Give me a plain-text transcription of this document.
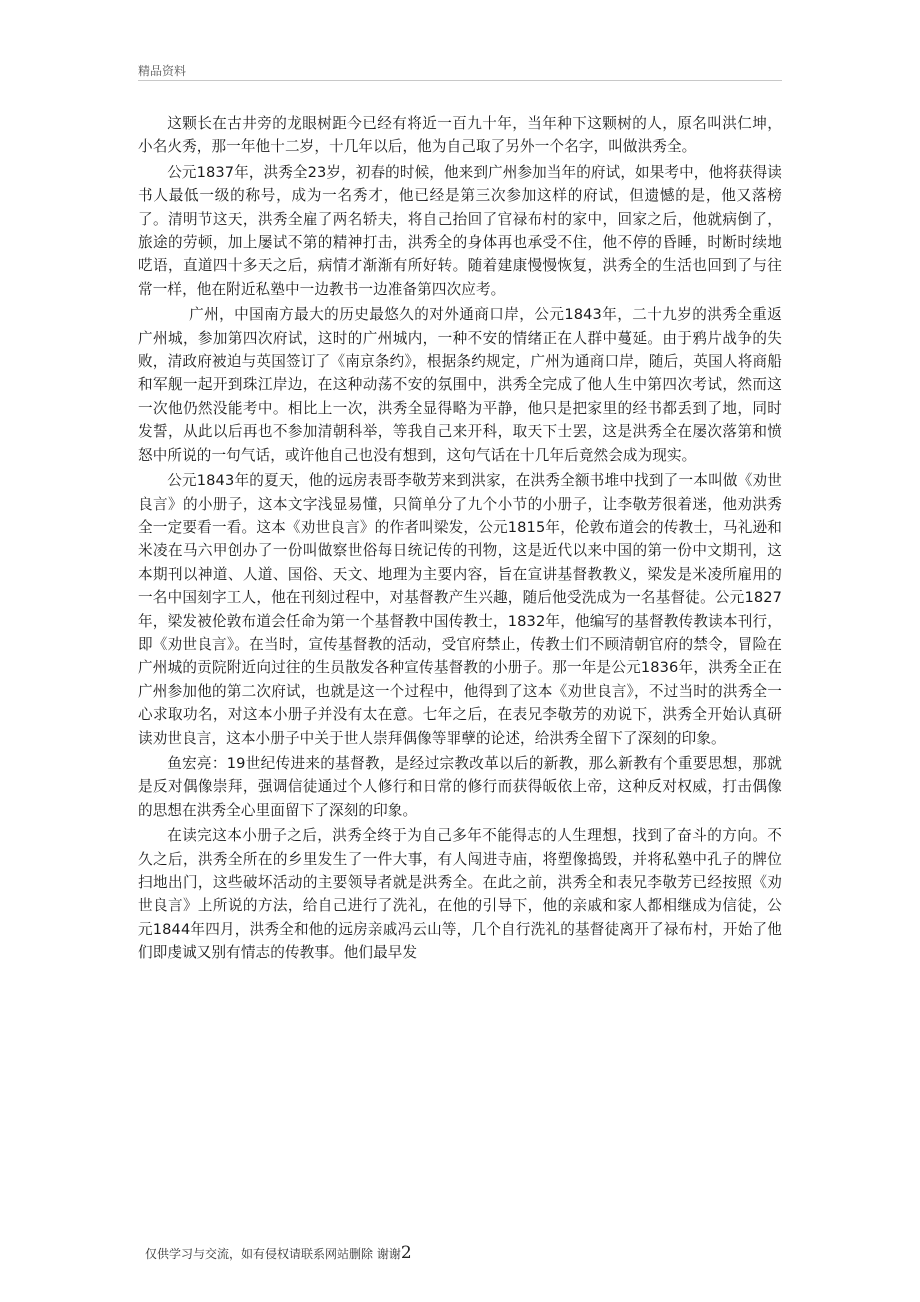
精品资料

这颗长在古井旁的龙眼树距今已经有将近一百九十年，当年种下这颗树的人，原名叫洪仁坤，小名火秀，那一年他十二岁，十几年以后，他为自己取了另外一个名字，叫做洪秀全。

公元1837年，洪秀全23岁，初春的时候，他来到广州参加当年的府试，如果考中，他将获得读书人最低一级的称号，成为一名秀才，他已经是第三次参加这样的府试，但遗憾的是，他又落榜了。清明节这天，洪秀全雇了两名轿夫，将自己抬回了官禄布村的家中，回家之后，他就病倒了，旅途的劳顿，加上屡试不第的精神打击，洪秀全的身体再也承受不住，他不停的昏睡，时断时续地呓语，直道四十多天之后，病情才渐渐有所好转。随着建康慢慢恢复，洪秀全的生活也回到了与往常一样，他在附近私塾中一边教书一边准备第四次应考。

广州，中国南方最大的历史最悠久的对外通商口岸，公元1843年，二十九岁的洪秀全重返广州城，参加第四次府试，这时的广州城内，一种不安的情绪正在人群中蔓延。由于鸦片战争的失败，清政府被迫与英国签订了《南京条约》，根据条约规定，广州为通商口岸，随后，英国人将商船和军舰一起开到珠江岸边，在这种动荡不安的氛围中，洪秀全完成了他人生中第四次考试，然而这一次他仍然没能考中。相比上一次，洪秀全显得略为平静，他只是把家里的经书都丢到了地，同时发誓，从此以后再也不参加清朝科举，等我自己来开科，取天下士罢，这是洪秀全在屡次落第和愤怒中所说的一句气话，或许他自己也没有想到，这句气话在十几年后竟然会成为现实。

公元1843年的夏天，他的远房表哥李敬芳来到洪家，在洪秀全额书堆中找到了一本叫做《劝世良言》的小册子，这本文字浅显易懂，只简单分了九个小节的小册子，让李敬芳很着迷，他劝洪秀全一定要看一看。这本《劝世良言》的作者叫梁发，公元1815年，伦敦布道会的传教士，马礼逊和米凌在马六甲创办了一份叫做察世俗每日统记传的刊物，这是近代以来中国的第一份中文期刊，这本期刊以神道、人道、国俗、天文、地理为主要内容，旨在宣讲基督教教义，梁发是米凌所雇用的一名中国刻字工人，他在刊刻过程中，对基督教产生兴趣，随后他受洗成为一名基督徒。公元1827年，梁发被伦敦布道会任命为第一个基督教中国传教士，1832年，他编写的基督教传教读本刊行，即《劝世良言》。在当时，宣传基督教的活动，受官府禁止，传教士们不顾清朝官府的禁令，冒险在广州城的贡院附近向过往的生员散发各种宣传基督教的小册子。那一年是公元1836年，洪秀全正在广州参加他的第二次府试，也就是这一个过程中，他得到了这本《劝世良言》，不过当时的洪秀全一心求取功名，对这本小册子并没有太在意。七年之后，在表兄李敬芳的劝说下，洪秀全开始认真研读劝世良言，这本小册子中关于世人崇拜偶像等罪孽的论述，给洪秀全留下了深刻的印象。

鱼宏亮：19世纪传进来的基督教，是经过宗教改革以后的新教，那么新教有个重要思想，那就是反对偶像崇拜，强调信徒通过个人修行和日常的修行而获得皈依上帝，这种反对权威，打击偶像的思想在洪秀全心里面留下了深刻的印象。

在读完这本小册子之后，洪秀全终于为自己多年不能得志的人生理想，找到了奋斗的方向。不久之后，洪秀全所在的乡里发生了一件大事，有人闯进寺庙，将塑像捣毁，并将私塾中孔子的牌位扫地出门，这些破坏活动的主要领导者就是洪秀全。在此之前，洪秀全和表兄李敬芳已经按照《劝世良言》上所说的方法，给自己进行了洗礼，在他的引导下，他的亲戚和家人都相继成为信徒，公元1844年四月，洪秀全和他的远房亲戚冯云山等，几个自行洗礼的基督徒离开了禄布村，开始了他们即虔诚又别有情志的传教事。他们最早发

仅供学习与交流，如有侵权请联系网站删除 谢谢2
